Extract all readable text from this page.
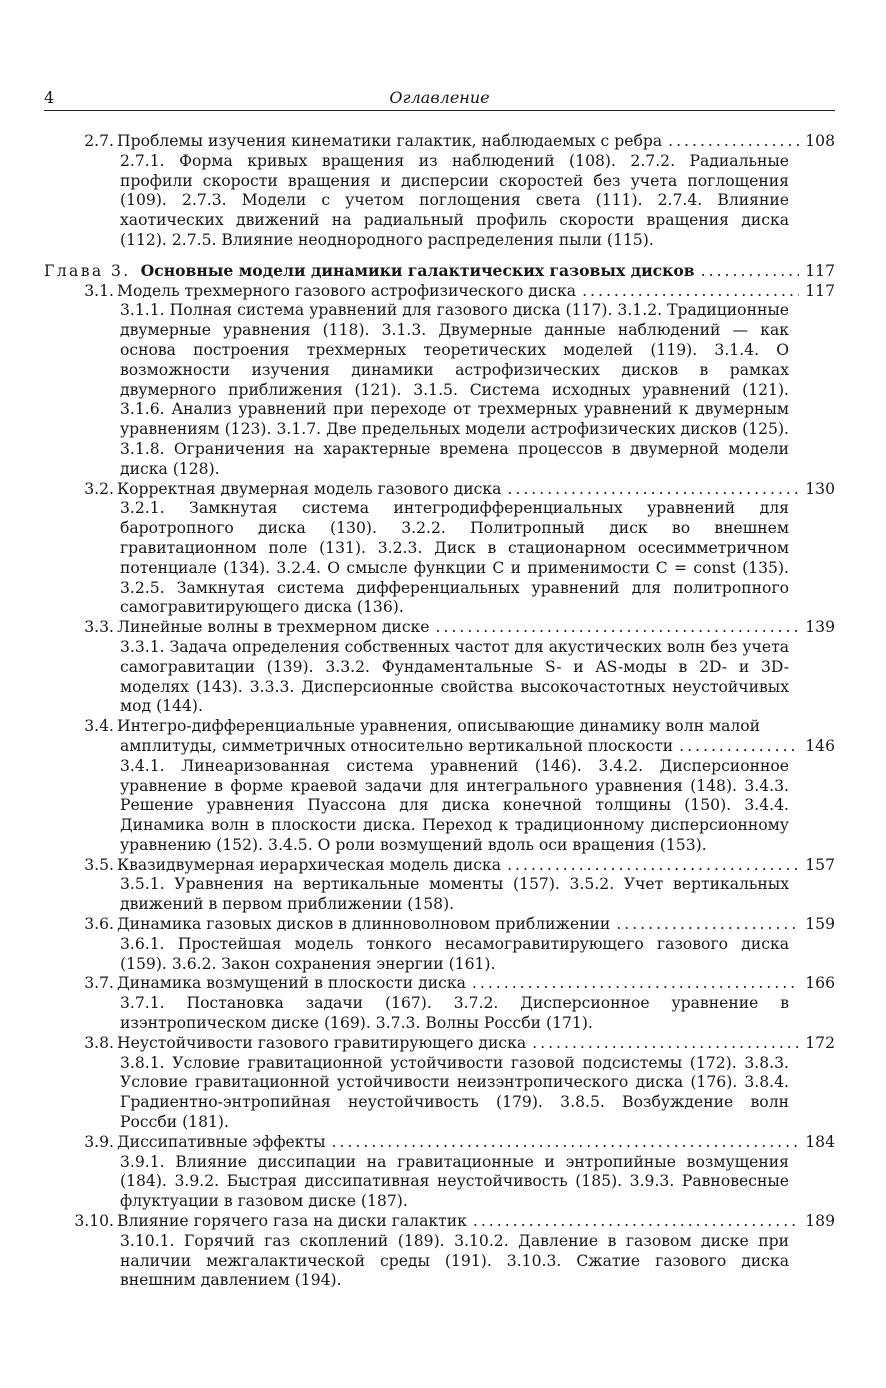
4	Оглавление
2.7. Проблемы изучения кинематики галактик, наблюдаемых с ребра .....	108
2.7.1. Форма кривых вращения из наблюдений (108). 2.7.2. Радиальные профили скорости вращения и дисперсии скоростей без учета поглощения (109). 2.7.3. Модели с учетом поглощения света (111). 2.7.4. Влияние хаотических движений на радиальный профиль скорости вращения диска (112). 2.7.5. Влияние неоднородного распределения пыли (115).
Глава 3. Основные модели динамики галактических газовых дисков .....	117
3.1. Модель трехмерного газового астрофизического диска .....	117
3.1.1. Полная система уравнений для газового диска (117). 3.1.2. Традиционные двумерные уравнения (118). 3.1.3. Двумерные данные наблюдений — как основа построения трехмерных теоретических моделей (119). 3.1.4. О возможности изучения динамики астрофизических дисков в рамках двумерного приближения (121). 3.1.5. Система исходных уравнений (121). 3.1.6. Анализ уравнений при переходе от трехмерных уравнений к двумерным уравнениям (123). 3.1.7. Две предельных модели астрофизических дисков (125). 3.1.8. Ограничения на характерные времена процессов в двумерной модели диска (128).
3.2. Корректная двумерная модель газового диска .....	130
3.2.1. Замкнутая система интегродифференциальных уравнений для баротропного диска (130). 3.2.2. Политропный диск во внешнем гравитационном поле (131). 3.2.3. Диск в стационарном осесимметричном потенциале (134). 3.2.4. О смысле функции C и применимости C = const (135). 3.2.5. Замкнутая система дифференциальных уравнений для политропного самогравитирующего диска (136).
3.3. Линейные волны в трехмерном диске .....	139
3.3.1. Задача определения собственных частот для акустических волн без учета самогравитации (139). 3.3.2. Фундаментальные S- и AS-моды в 2D- и 3D-моделях (143). 3.3.3. Дисперсионные свойства высокочастотных неустойчивых мод (144).
3.4. Интегро-дифференциальные уравнения, описывающие динамику волн малой
амплитуды, симметричных относительно вертикальной плоскости .....	146
3.4.1. Линеаризованная система уравнений (146). 3.4.2. Дисперсионное уравнение в форме краевой задачи для интегрального уравнения (148). 3.4.3. Решение уравнения Пуассона для диска конечной толщины (150). 3.4.4. Динамика волн в плоскости диска. Переход к традиционному дисперсионному уравнению (152). 3.4.5. О роли возмущений вдоль оси вращения (153).
3.5. Квазидвумерная иерархическая модель диска .....	157
3.5.1. Уравнения на вертикальные моменты (157). 3.5.2. Учет вертикальных движений в первом приближении (158).
3.6. Динамика газовых дисков в длинноволновом приближении .....	159
3.6.1. Простейшая модель тонкого несамогравитирующего газового диска (159). 3.6.2. Закон сохранения энергии (161).
3.7. Динамика возмущений в плоскости диска .....	166
3.7.1. Постановка задачи (167). 3.7.2. Дисперсионное уравнение в изэнтропическом диске (169). 3.7.3. Волны Россби (171).
3.8. Неустойчивости газового гравитирующего диска .....	172
3.8.1. Условие гравитационной устойчивости газовой подсистемы (172). 3.8.3. Условие гравитационной устойчивости неизэнтропического диска (176). 3.8.4. Градиентно-энтропийная неустойчивость (179). 3.8.5. Возбуждение волн Россби (181).
3.9. Диссипативные эффекты .....	184
3.9.1. Влияние диссипации на гравитационные и энтропийные возмущения (184). 3.9.2. Быстрая диссипативная неустойчивость (185). 3.9.3. Равновесные флуктуации в газовом диске (187).
3.10. Влияние горячего газа на диски галактик .....	189
3.10.1. Горячий газ скоплений (189). 3.10.2. Давление в газовом диске при наличии межгалактической среды (191). 3.10.3. Сжатие газового диска внешним давлением (194).
